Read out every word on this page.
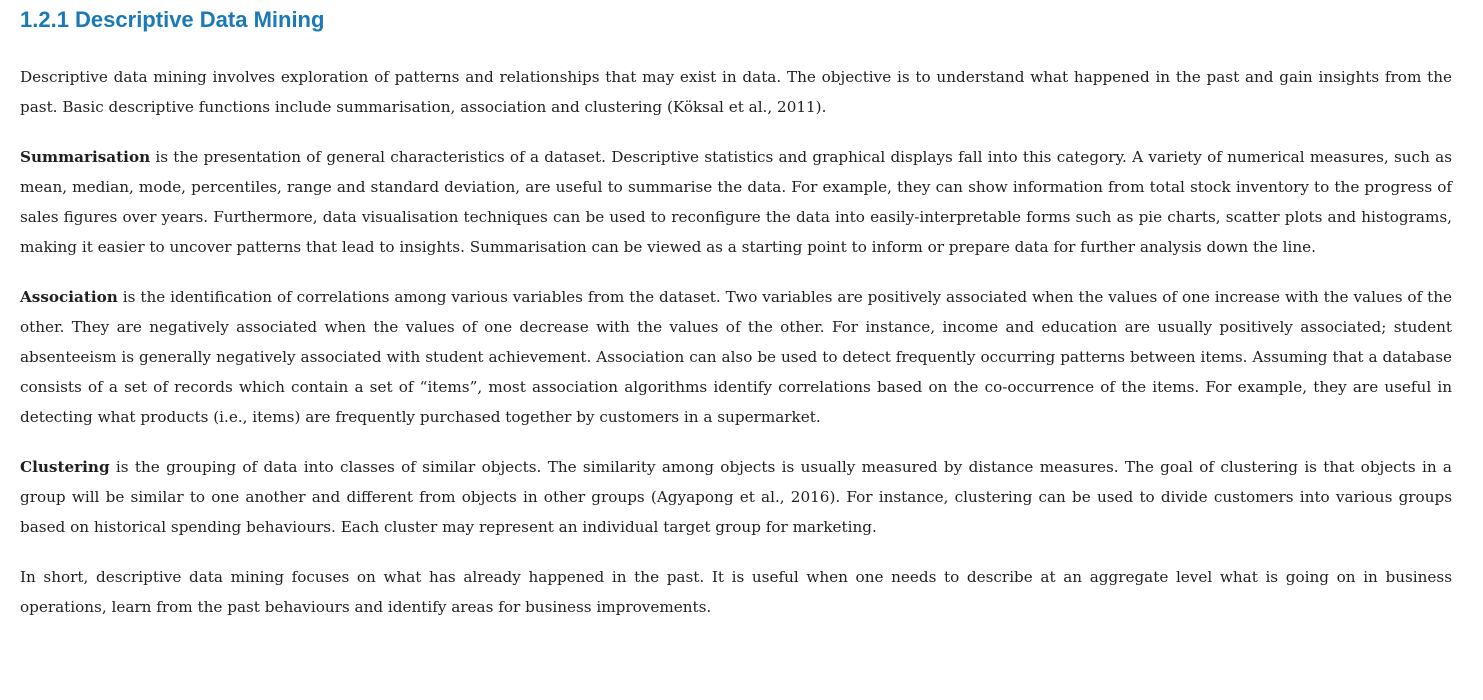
1.2.1 Descriptive Data Mining

Descriptive data mining involves exploration of patterns and relationships that may exist in data. The objective is to understand what happened in the past and gain insights from the past. Basic descriptive functions include summarisation, association and clustering (Köksal et al., 2011).

Summarisation is the presentation of general characteristics of a dataset. Descriptive statistics and graphical displays fall into this category. A variety of numerical measures, such as mean, median, mode, percentiles, range and standard deviation, are useful to summarise the data. For example, they can show information from total stock inventory to the progress of sales figures over years. Furthermore, data visualisation techniques can be used to reconfigure the data into easily-interpretable forms such as pie charts, scatter plots and histograms, making it easier to uncover patterns that lead to insights. Summarisation can be viewed as a starting point to inform or prepare data for further analysis down the line.

Association is the identification of correlations among various variables from the dataset. Two variables are positively associated when the values of one increase with the values of the other. They are negatively associated when the values of one decrease with the values of the other. For instance, income and education are usually positively associated; student absenteeism is generally negatively associated with student achievement. Association can also be used to detect frequently occurring patterns between items. Assuming that a database consists of a set of records which contain a set of “items”, most association algorithms identify correlations based on the co-occurrence of the items. For example, they are useful in detecting what products (i.e., items) are frequently purchased together by customers in a supermarket.

Clustering is the grouping of data into classes of similar objects. The similarity among objects is usually measured by distance measures. The goal of clustering is that objects in a group will be similar to one another and different from objects in other groups (Agyapong et al., 2016). For instance, clustering can be used to divide customers into various groups based on historical spending behaviours. Each cluster may represent an individual target group for marketing.

In short, descriptive data mining focuses on what has already happened in the past. It is useful when one needs to describe at an aggregate level what is going on in business operations, learn from the past behaviours and identify areas for business improvements.
